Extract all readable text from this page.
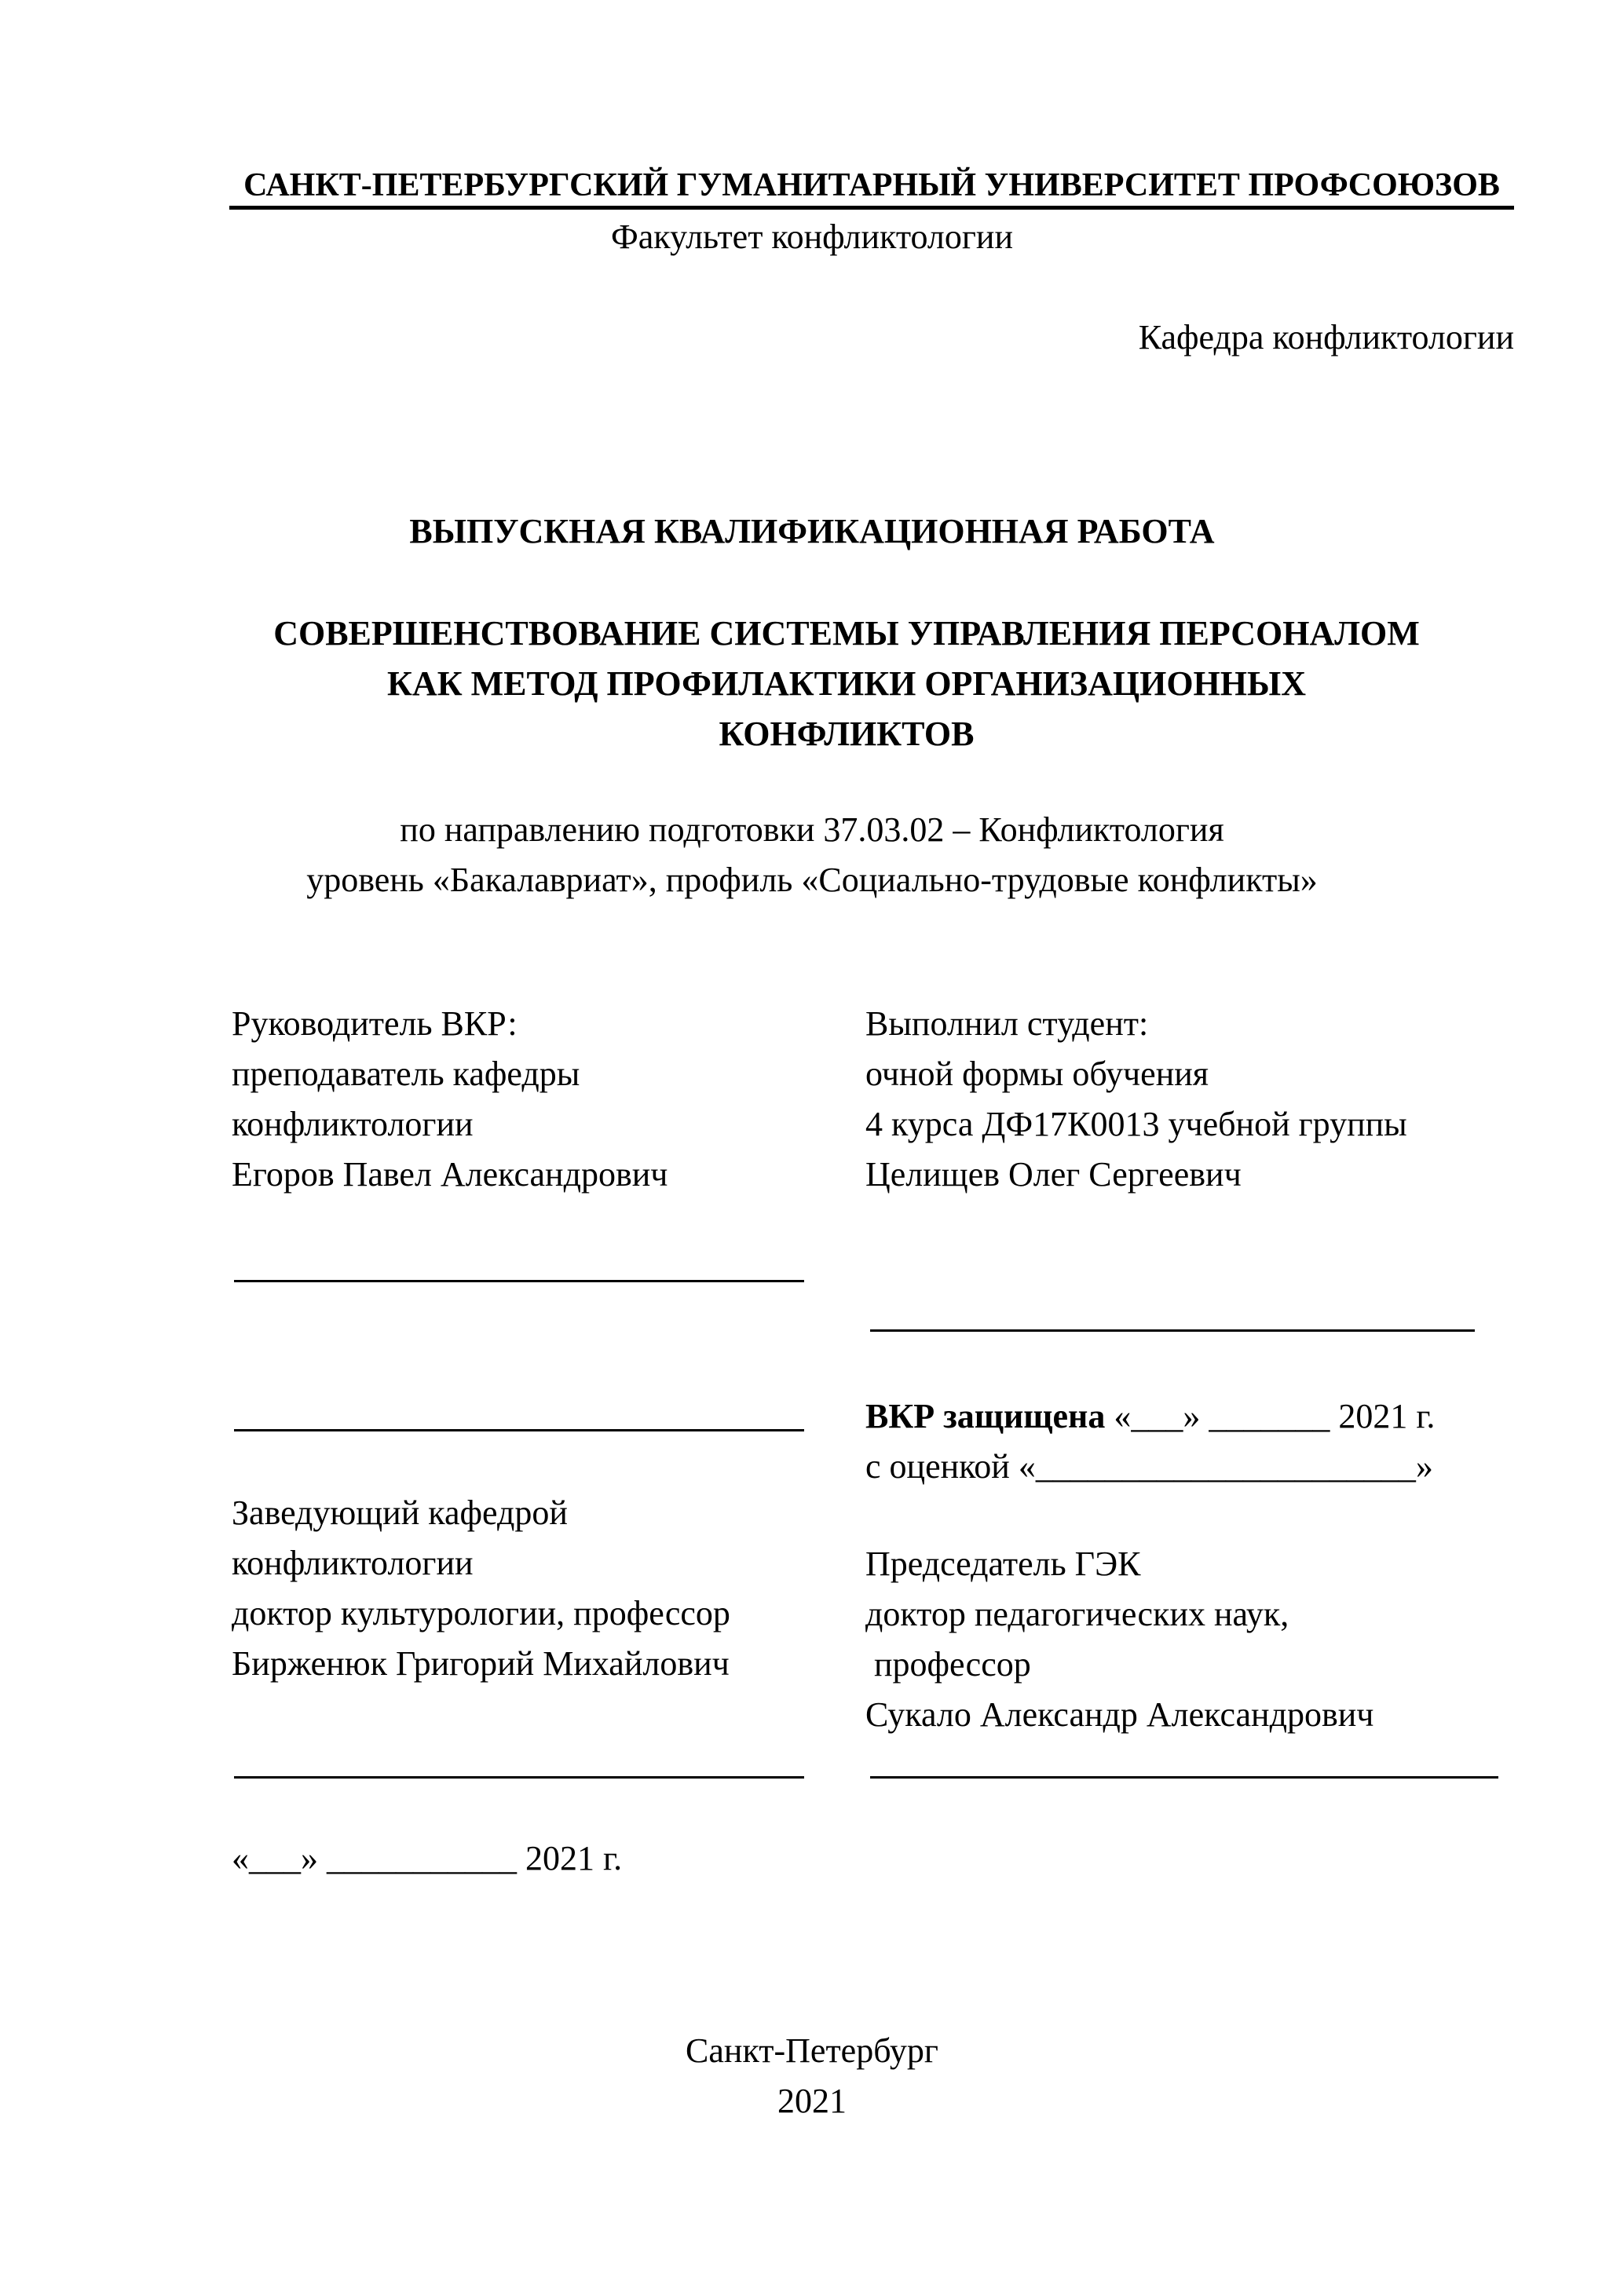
САНКТ-ПЕТЕРБУРГСКИЙ ГУМАНИТАРНЫЙ УНИВЕРСИТЕТ ПРОФСОЮЗОВ
Факультет конфликтологии
Кафедра конфликтологии
ВЫПУСКНАЯ КВАЛИФИКАЦИОННАЯ РАБОТА
СОВЕРШЕНСТВОВАНИЕ СИСТЕМЫ УПРАВЛЕНИЯ ПЕРСОНАЛОМ
КАК МЕТОД ПРОФИЛАКТИКИ ОРГАНИЗАЦИОННЫХ
КОНФЛИКТОВ
по направлению подготовки 37.03.02 – Конфликтология
уровень «Бакалавриат», профиль «Социально-трудовые конфликты»
Руководитель ВКР:
преподаватель кафедры
конфликтологии
Егоров Павел Александрович
Выполнил студент:
очной формы обучения
4 курса ДФ17К0013 учебной группы
Целищев Олег Сергеевич
ВКР защищена «___» _______ 2021 г.
с оценкой «______________________»
Заведующий кафедрой
конфликтологии
доктор культурологии, профессор
Бирженюк Григорий Михайлович
Председатель ГЭК
доктор педагогических наук,
профессор
Сукало Александр Александрович
«___» ___________ 2021 г.
Санкт-Петербург
2021
